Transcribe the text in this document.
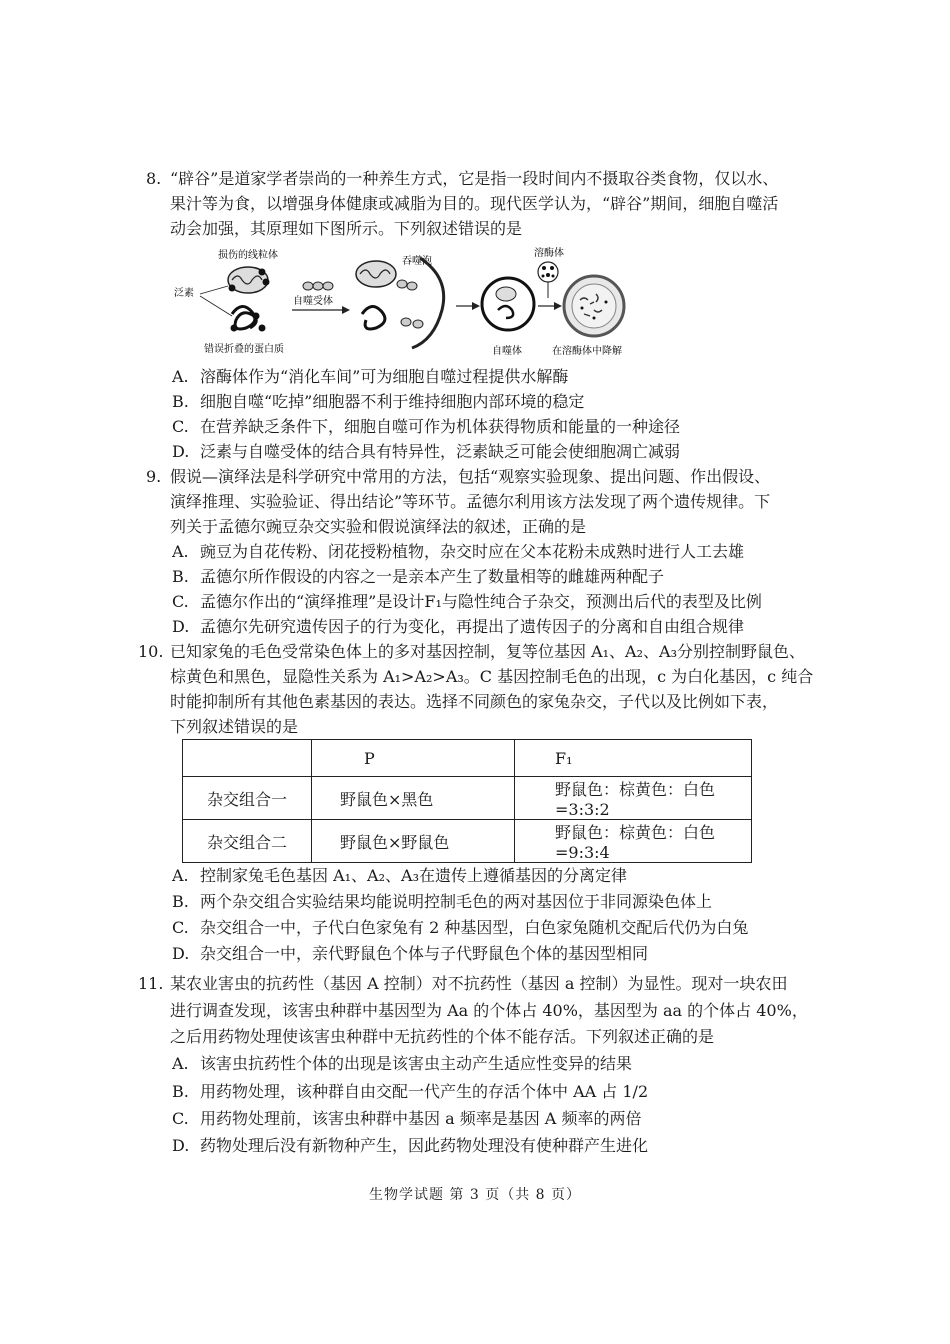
8. “辟谷”是道家学者崇尚的一种养生方式，它是指一段时间内不摄取谷类食物，仅以水、
果汁等为食，以增强身体健康或减脂为目的。现代医学认为，“辟谷”期间，细胞自噬活
动会加强，其原理如下图所示。下列叙述错误的是
损伤的线粒体
泛素
自噬受体
吞噬泡
溶酶体
错误折叠的蛋白质	自噬体	在溶酶体中降解
A. 溶酶体作为“消化车间”可为细胞自噬过程提供水解酶
B. 细胞自噬“吃掉”细胞器不利于维持细胞内部环境的稳定
C. 在营养缺乏条件下，细胞自噬可作为机体获得物质和能量的一种途径
D. 泛素与自噬受体的结合具有特异性，泛素缺乏可能会使细胞凋亡减弱
9. 假说—演绎法是科学研究中常用的方法，包括“观察实验现象、提出问题、作出假设、
演绎推理、实验验证、得出结论”等环节。孟德尔利用该方法发现了两个遗传规律。下
列关于孟德尔豌豆杂交实验和假说演绎法的叙述，正确的是
A. 豌豆为自花传粉、闭花授粉植物，杂交时应在父本花粉未成熟时进行人工去雄
B. 孟德尔所作假设的内容之一是亲本产生了数量相等的雌雄两种配子
C. 孟德尔作出的“演绎推理”是设计F₁与隐性纯合子杂交，预测出后代的表型及比例
D. 孟德尔先研究遗传因子的行为变化，再提出了遗传因子的分离和自由组合规律
10. 已知家兔的毛色受常染色体上的多对基因控制，复等位基因 A₁、A₂、A₃分别控制野鼠色、
棕黄色和黑色，显隐性关系为 A₁>A₂>A₃。C 基因控制毛色的出现，c 为白化基因，c 纯合
时能抑制所有其他色素基因的表达。选择不同颜色的家兔杂交，子代以及比例如下表，
下列叙述错误的是
	P	F₁
杂交组合一	野鼠色×黑色	野鼠色：棕黄色：白色=3:3:2
杂交组合二	野鼠色×野鼠色	野鼠色：棕黄色：白色=9:3:4
A. 控制家兔毛色基因 A₁、A₂、A₃在遗传上遵循基因的分离定律
B. 两个杂交组合实验结果均能说明控制毛色的两对基因位于非同源染色体上
C. 杂交组合一中，子代白色家兔有 2 种基因型，白色家兔随机交配后代仍为白兔
D. 杂交组合一中，亲代野鼠色个体与子代野鼠色个体的基因型相同
11. 某农业害虫的抗药性（基因 A 控制）对不抗药性（基因 a 控制）为显性。现对一块农田
进行调查发现，该害虫种群中基因型为 Aa 的个体占 40%，基因型为 aa 的个体占 40%，
之后用药物处理使该害虫种群中无抗药性的个体不能存活。下列叙述正确的是
A. 该害虫抗药性个体的出现是该害虫主动产生适应性变异的结果
B. 用药物处理，该种群自由交配一代产生的存活个体中 AA 占 1/2
C. 用药物处理前，该害虫种群中基因 a 频率是基因 A 频率的两倍
D. 药物处理后没有新物种产生，因此药物处理没有使种群产生进化
生物学试题 第 3 页（共 8 页）
